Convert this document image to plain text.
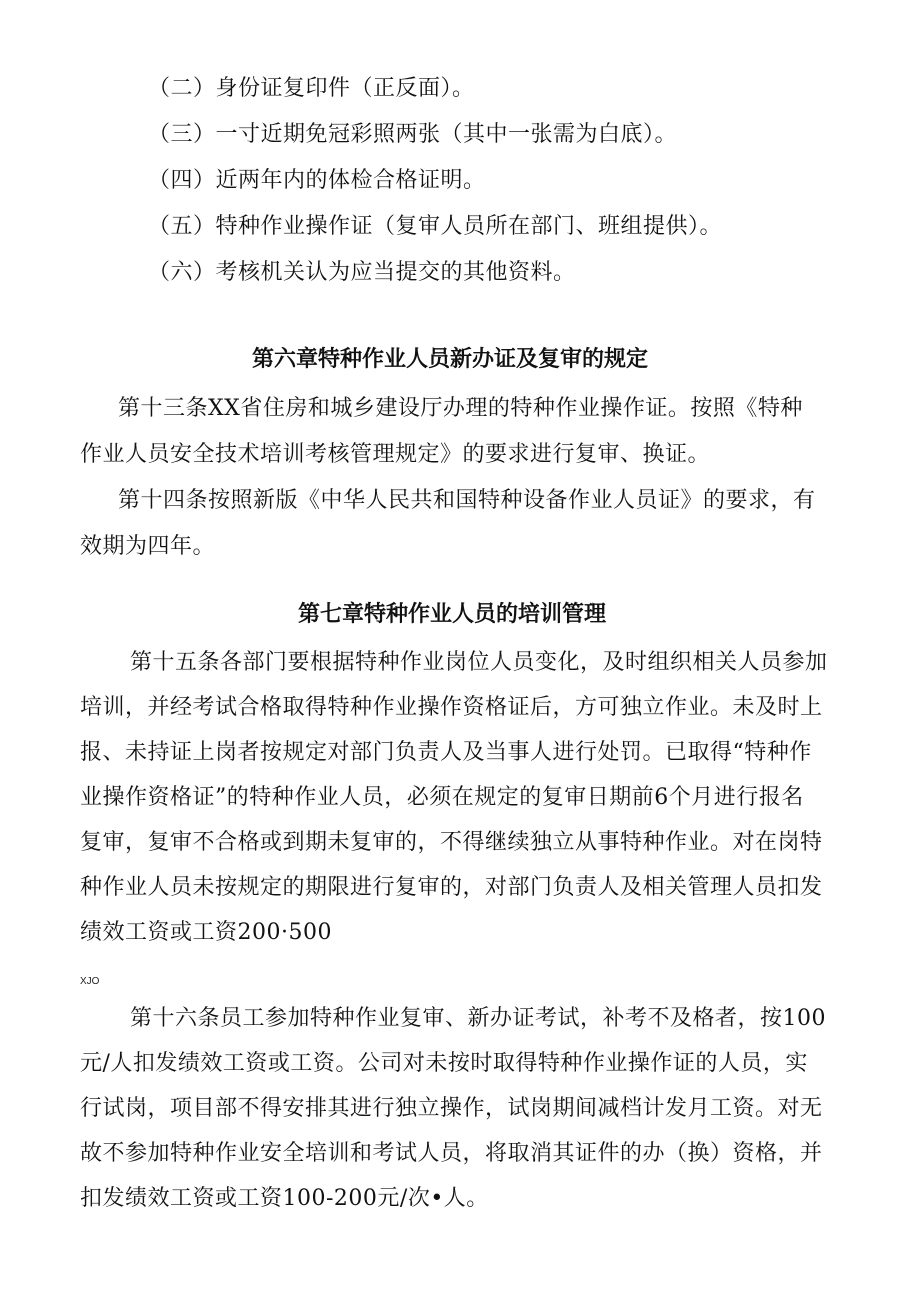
（二）身份证复印件（正反面）。
（三）一寸近期免冠彩照两张（其中一张需为白底）。
（四）近两年内的体检合格证明。
（五）特种作业操作证（复审人员所在部门、班组提供）。
（六）考核机关认为应当提交的其他资料。
第六章特种作业人员新办证及复审的规定
第十三条XX省住房和城乡建设厅办理的特种作业操作证。按照《特种
作业人员安全技术培训考核管理规定》的要求进行复审、换证。
第十四条按照新版《中华人民共和国特种设备作业人员证》的要求，有
效期为四年。
第七章特种作业人员的培训管理
第十五条各部门要根据特种作业岗位人员变化，及时组织相关人员参加
培训，并经考试合格取得特种作业操作资格证后，方可独立作业。未及时上
报、未持证上岗者按规定对部门负责人及当事人进行处罚。已取得“特种作
业操作资格证”的特种作业人员，必须在规定的复审日期前6个月进行报名
复审，复审不合格或到期未复审的，不得继续独立从事特种作业。对在岗特
种作业人员未按规定的期限进行复审的，对部门负责人及相关管理人员扣发
绩效工资或工资200·500
XJO
第十六条员工参加特种作业复审、新办证考试，补考不及格者，按100
元/人扣发绩效工资或工资。公司对未按时取得特种作业操作证的人员，实
行试岗，项目部不得安排其进行独立操作，试岗期间减档计发月工资。对无
故不参加特种作业安全培训和考试人员，将取消其证件的办（换）资格，并
扣发绩效工资或工资100-200元/次•人。
